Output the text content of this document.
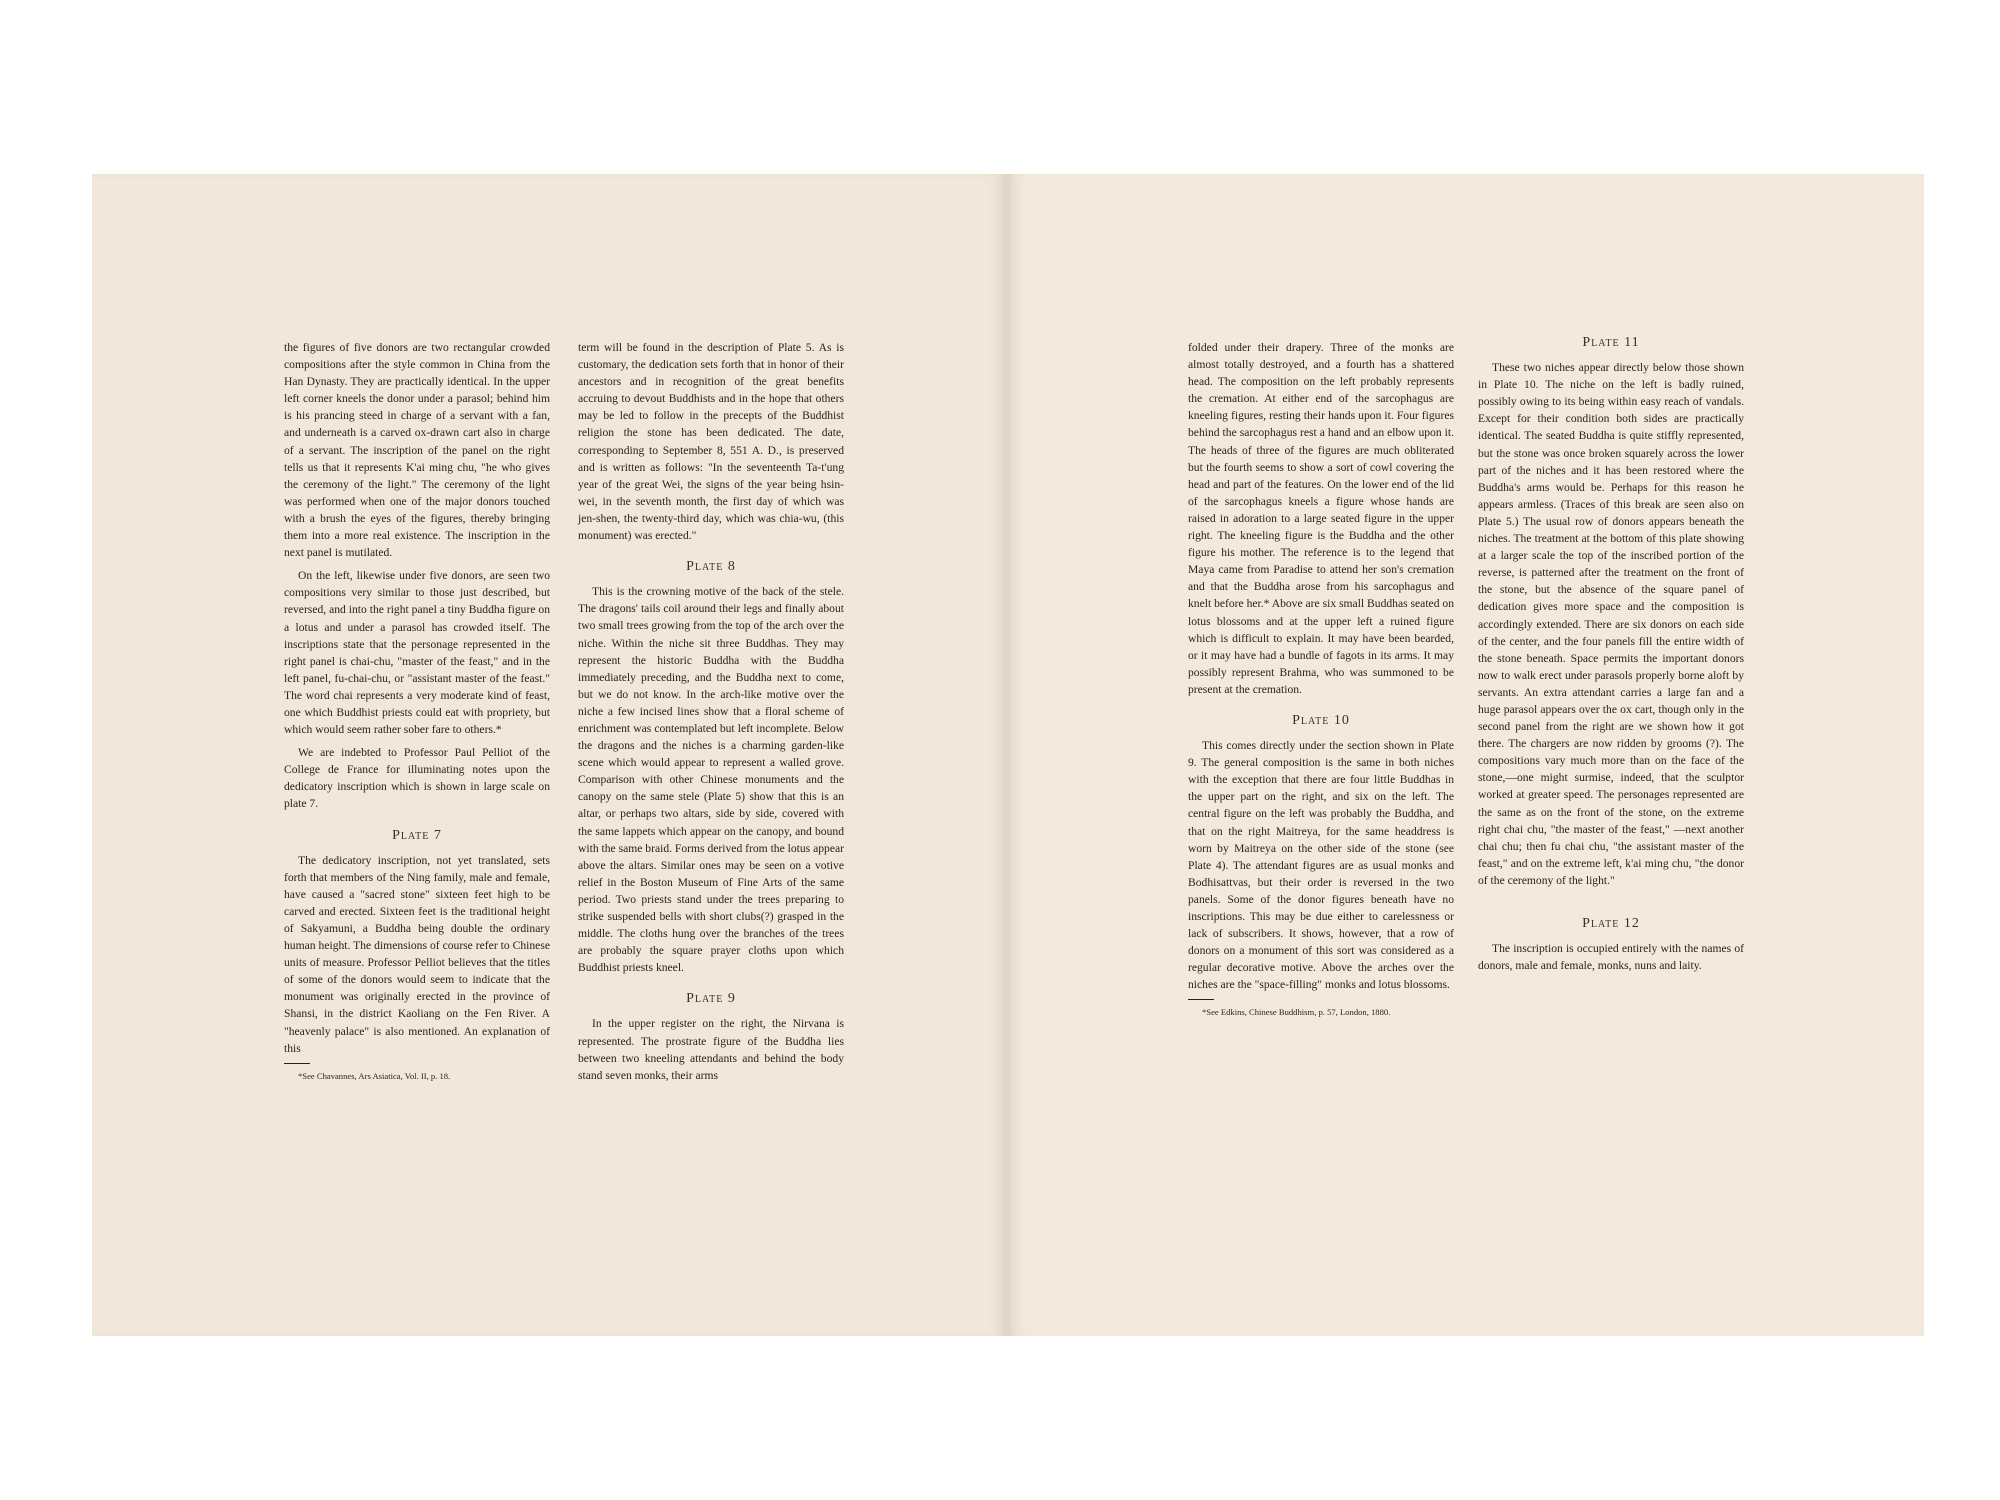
the figures of five donors are two rectangular crowded compositions after the style common in China from the Han Dynasty. They are practically identical. In the upper left corner kneels the donor under a parasol; behind him is his prancing steed in charge of a servant with a fan, and underneath is a carved ox-drawn cart also in charge of a servant. The inscription of the panel on the right tells us that it represents K'ai ming chu, "he who gives the ceremony of the light." The ceremony of the light was performed when one of the major donors touched with a brush the eyes of the figures, thereby bringing them into a more real existence. The inscription in the next panel is mutilated.

On the left, likewise under five donors, are seen two compositions very similar to those just described, but reversed, and into the right panel a tiny Buddha figure on a lotus and under a parasol has crowded itself. The inscriptions state that the personage represented in the right panel is chai-chu, "master of the feast," and in the left panel, fu-chai-chu, or "assistant master of the feast." The word chai represents a very moderate kind of feast, one which Buddhist priests could eat with propriety, but which would seem rather sober fare to others.*

We are indebted to Professor Paul Pelliot of the College de France for illuminating notes upon the dedicatory inscription which is shown in large scale on plate 7.

Plate 7

The dedicatory inscription, not yet translated, sets forth that members of the Ning family, male and female, have caused a "sacred stone" sixteen feet high to be carved and erected. Sixteen feet is the traditional height of Sakyamuni, a Buddha being double the ordinary human height. The dimensions of course refer to Chinese units of measure. Professor Pelliot believes that the titles of some of the donors would seem to indicate that the monument was originally erected in the province of Shansi, in the district Kaoliang on the Fen River. A "heavenly palace" is also mentioned. An explanation of this

*See Chavannes, Ars Asiatica, Vol. II, p. 18.

term will be found in the description of Plate 5. As is customary, the dedication sets forth that in honor of their ancestors and in recognition of the great benefits accruing to devout Buddhists and in the hope that others may be led to follow in the precepts of the Buddhist religion the stone has been dedicated. The date, corresponding to September 8, 551 A. D., is preserved and is written as follows: "In the seventeenth Ta-t'ung year of the great Wei, the signs of the year being hsin-wei, in the seventh month, the first day of which was jen-shen, the twenty-third day, which was chia-wu, (this monument) was erected."

Plate 8

This is the crowning motive of the back of the stele. The dragons' tails coil around their legs and finally about two small trees growing from the top of the arch over the niche. Within the niche sit three Buddhas. They may represent the historic Buddha with the Buddha immediately preceding, and the Buddha next to come, but we do not know. In the arch-like motive over the niche a few incised lines show that a floral scheme of enrichment was contemplated but left incomplete. Below the dragons and the niches is a charming garden-like scene which would appear to represent a walled grove. Comparison with other Chinese monuments and the canopy on the same stele (Plate 5) show that this is an altar, or perhaps two altars, side by side, covered with the same lappets which appear on the canopy, and bound with the same braid. Forms derived from the lotus appear above the altars. Similar ones may be seen on a votive relief in the Boston Museum of Fine Arts of the same period. Two priests stand under the trees preparing to strike suspended bells with short clubs(?) grasped in the middle. The cloths hung over the branches of the trees are probably the square prayer cloths upon which Buddhist priests kneel.

Plate 9

In the upper register on the right, the Nirvana is represented. The prostrate figure of the Buddha lies between two kneeling attendants and behind the body stand seven monks, their arms

folded under their drapery. Three of the monks are almost totally destroyed, and a fourth has a shattered head. The composition on the left probably represents the cremation. At either end of the sarcophagus are kneeling figures, resting their hands upon it. Four figures behind the sarcophagus rest a hand and an elbow upon it. The heads of three of the figures are much obliterated but the fourth seems to show a sort of cowl covering the head and part of the features. On the lower end of the lid of the sarcophagus kneels a figure whose hands are raised in adoration to a large seated figure in the upper right. The kneeling figure is the Buddha and the other figure his mother. The reference is to the legend that Maya came from Paradise to attend her son's cremation and that the Buddha arose from his sarcophagus and knelt before her.* Above are six small Buddhas seated on lotus blossoms and at the upper left a ruined figure which is difficult to explain. It may have been bearded, or it may have had a bundle of fagots in its arms. It may possibly represent Brahma, who was summoned to be present at the cremation.

Plate 10

This comes directly under the section shown in Plate 9. The general composition is the same in both niches with the exception that there are four little Buddhas in the upper part on the right, and six on the left. The central figure on the left was probably the Buddha, and that on the right Maitreya, for the same headdress is worn by Maitreya on the other side of the stone (see Plate 4). The attendant figures are as usual monks and Bodhisattvas, but their order is reversed in the two panels. Some of the donor figures beneath have no inscriptions. This may be due either to carelessness or lack of subscribers. It shows, however, that a row of donors on a monument of this sort was considered as a regular decorative motive. Above the arches over the niches are the "space-filling" monks and lotus blossoms.

*See Edkins, Chinese Buddhism, p. 57, London, 1880.
Plate 11

These two niches appear directly below those shown in Plate 10. The niche on the left is badly ruined, possibly owing to its being within easy reach of vandals. Except for their condition both sides are practically identical. The seated Buddha is quite stiffly represented, but the stone was once broken squarely across the lower part of the niches and it has been restored where the Buddha's arms would be. Perhaps for this reason he appears armless. (Traces of this break are seen also on Plate 5.) The usual row of donors appears beneath the niches. The treatment at the bottom of this plate showing at a larger scale the top of the inscribed portion of the reverse, is patterned after the treatment on the front of the stone, but the absence of the square panel of dedication gives more space and the composition is accordingly extended. There are six donors on each side of the center, and the four panels fill the entire width of the stone beneath. Space permits the important donors now to walk erect under parasols properly borne aloft by servants. An extra attendant carries a large fan and a huge parasol appears over the ox cart, though only in the second panel from the right are we shown how it got there. The chargers are now ridden by grooms (?). The compositions vary much more than on the face of the stone,—one might surmise, indeed, that the sculptor worked at greater speed. The personages represented are the same as on the front of the stone, on the extreme right chai chu, "the master of the feast," —next another chai chu; then fu chai chu, "the assistant master of the feast," and on the extreme left, k'ai ming chu, "the donor of the ceremony of the light."

Plate 12

The inscription is occupied entirely with the names of donors, male and female, monks, nuns and laity.
